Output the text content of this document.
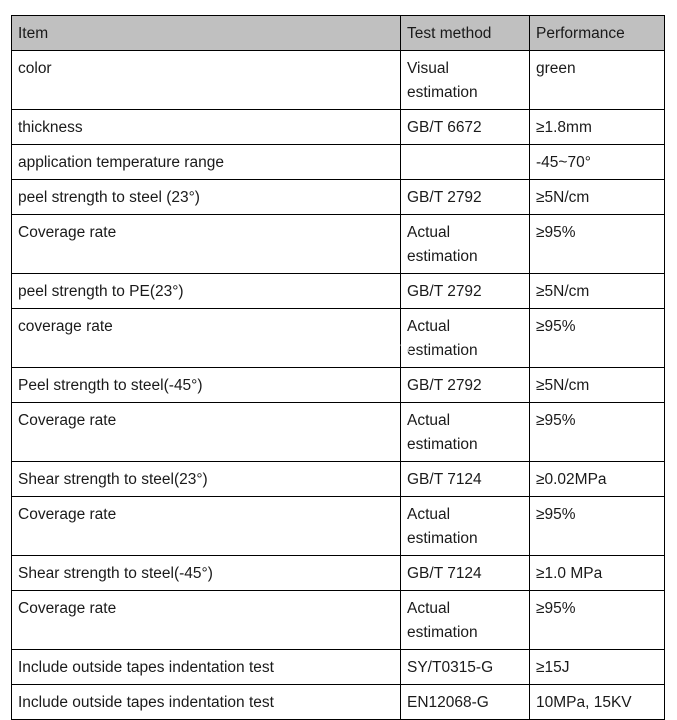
Item	Test method	Performance
color	Visual estimation	green
thickness	GB/T 6672	≥1.8mm
application temperature range		-45~70°
peel strength to steel (23°)	GB/T 2792	≥5N/cm
Coverage rate	Actual estimation	≥95%
peel strength to PE(23°)	GB/T 2792	≥5N/cm
coverage rate	Actual estimation	≥95%
Peel strength to steel(-45°)	GB/T 2792	≥5N/cm
Coverage rate	Actual estimation	≥95%
Shear strength to steel(23°)	GB/T 7124	≥0.02MPa
Coverage rate	Actual estimation	≥95%
Shear strength to steel(-45°)	GB/T 7124	≥1.0 MPa
Coverage rate	Actual estimation	≥95%
Include outside tapes indentation test	SY/T0315-G	≥15J
Include outside tapes indentation test	EN12068-G	10MPa, 15KV
pipewraptape.bossgoo.com
